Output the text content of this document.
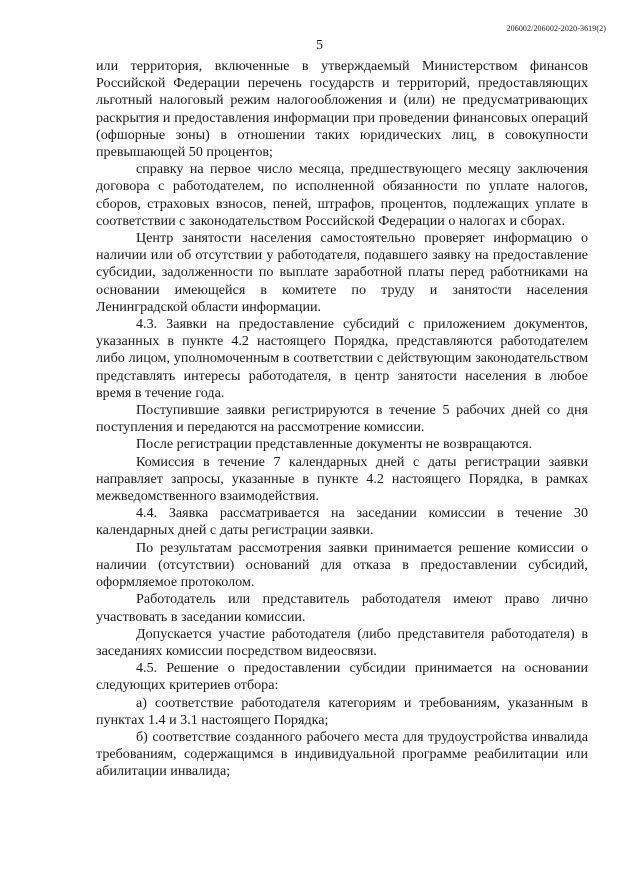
206002/206002-2020-3619(2)
5

или территория, включенные в утверждаемый Министерством финансов Российской Федерации перечень государств и территорий, предоставляющих льготный налоговый режим налогообложения и (или) не предусматривающих раскрытия и предоставления информации при проведении финансовых операций (офшорные зоны) в отношении таких юридических лиц, в совокупности превышающей 50 процентов;

справку на первое число месяца, предшествующего месяцу заключения договора с работодателем, по исполненной обязанности по уплате налогов, сборов, страховых взносов, пеней, штрафов, процентов, подлежащих уплате в соответствии с законодательством Российской Федерации о налогах и сборах.

Центр занятости населения самостоятельно проверяет информацию о наличии или об отсутствии у работодателя, подавшего заявку на предоставление субсидии, задолженности по выплате заработной платы перед работниками на основании имеющейся в комитете по труду и занятости населения Ленинградской области информации.

4.3. Заявки на предоставление субсидий с приложением документов, указанных в пункте 4.2 настоящего Порядка, представляются работодателем либо лицом, уполномоченным в соответствии с действующим законодательством представлять интересы работодателя, в центр занятости населения в любое время в течение года.

Поступившие заявки регистрируются в течение 5 рабочих дней со дня поступления и передаются на рассмотрение комиссии.

После регистрации представленные документы не возвращаются.

Комиссия в течение 7 календарных дней с даты регистрации заявки направляет запросы, указанные в пункте 4.2 настоящего Порядка, в рамках межведомственного взаимодействия.

4.4. Заявка рассматривается на заседании комиссии в течение 30 календарных дней с даты регистрации заявки.

По результатам рассмотрения заявки принимается решение комиссии о наличии (отсутствии) оснований для отказа в предоставлении субсидий, оформляемое протоколом.

Работодатель или представитель работодателя имеют право лично участвовать в заседании комиссии.

Допускается участие работодателя (либо представителя работодателя) в заседаниях комиссии посредством видеосвязи.

4.5. Решение о предоставлении субсидии принимается на основании следующих критериев отбора:

а) соответствие работодателя категориям и требованиям, указанным в пунктах 1.4 и 3.1 настоящего Порядка;

б) соответствие созданного рабочего места для трудоустройства инвалида требованиям, содержащимся в индивидуальной программе реабилитации или абилитации инвалида;
